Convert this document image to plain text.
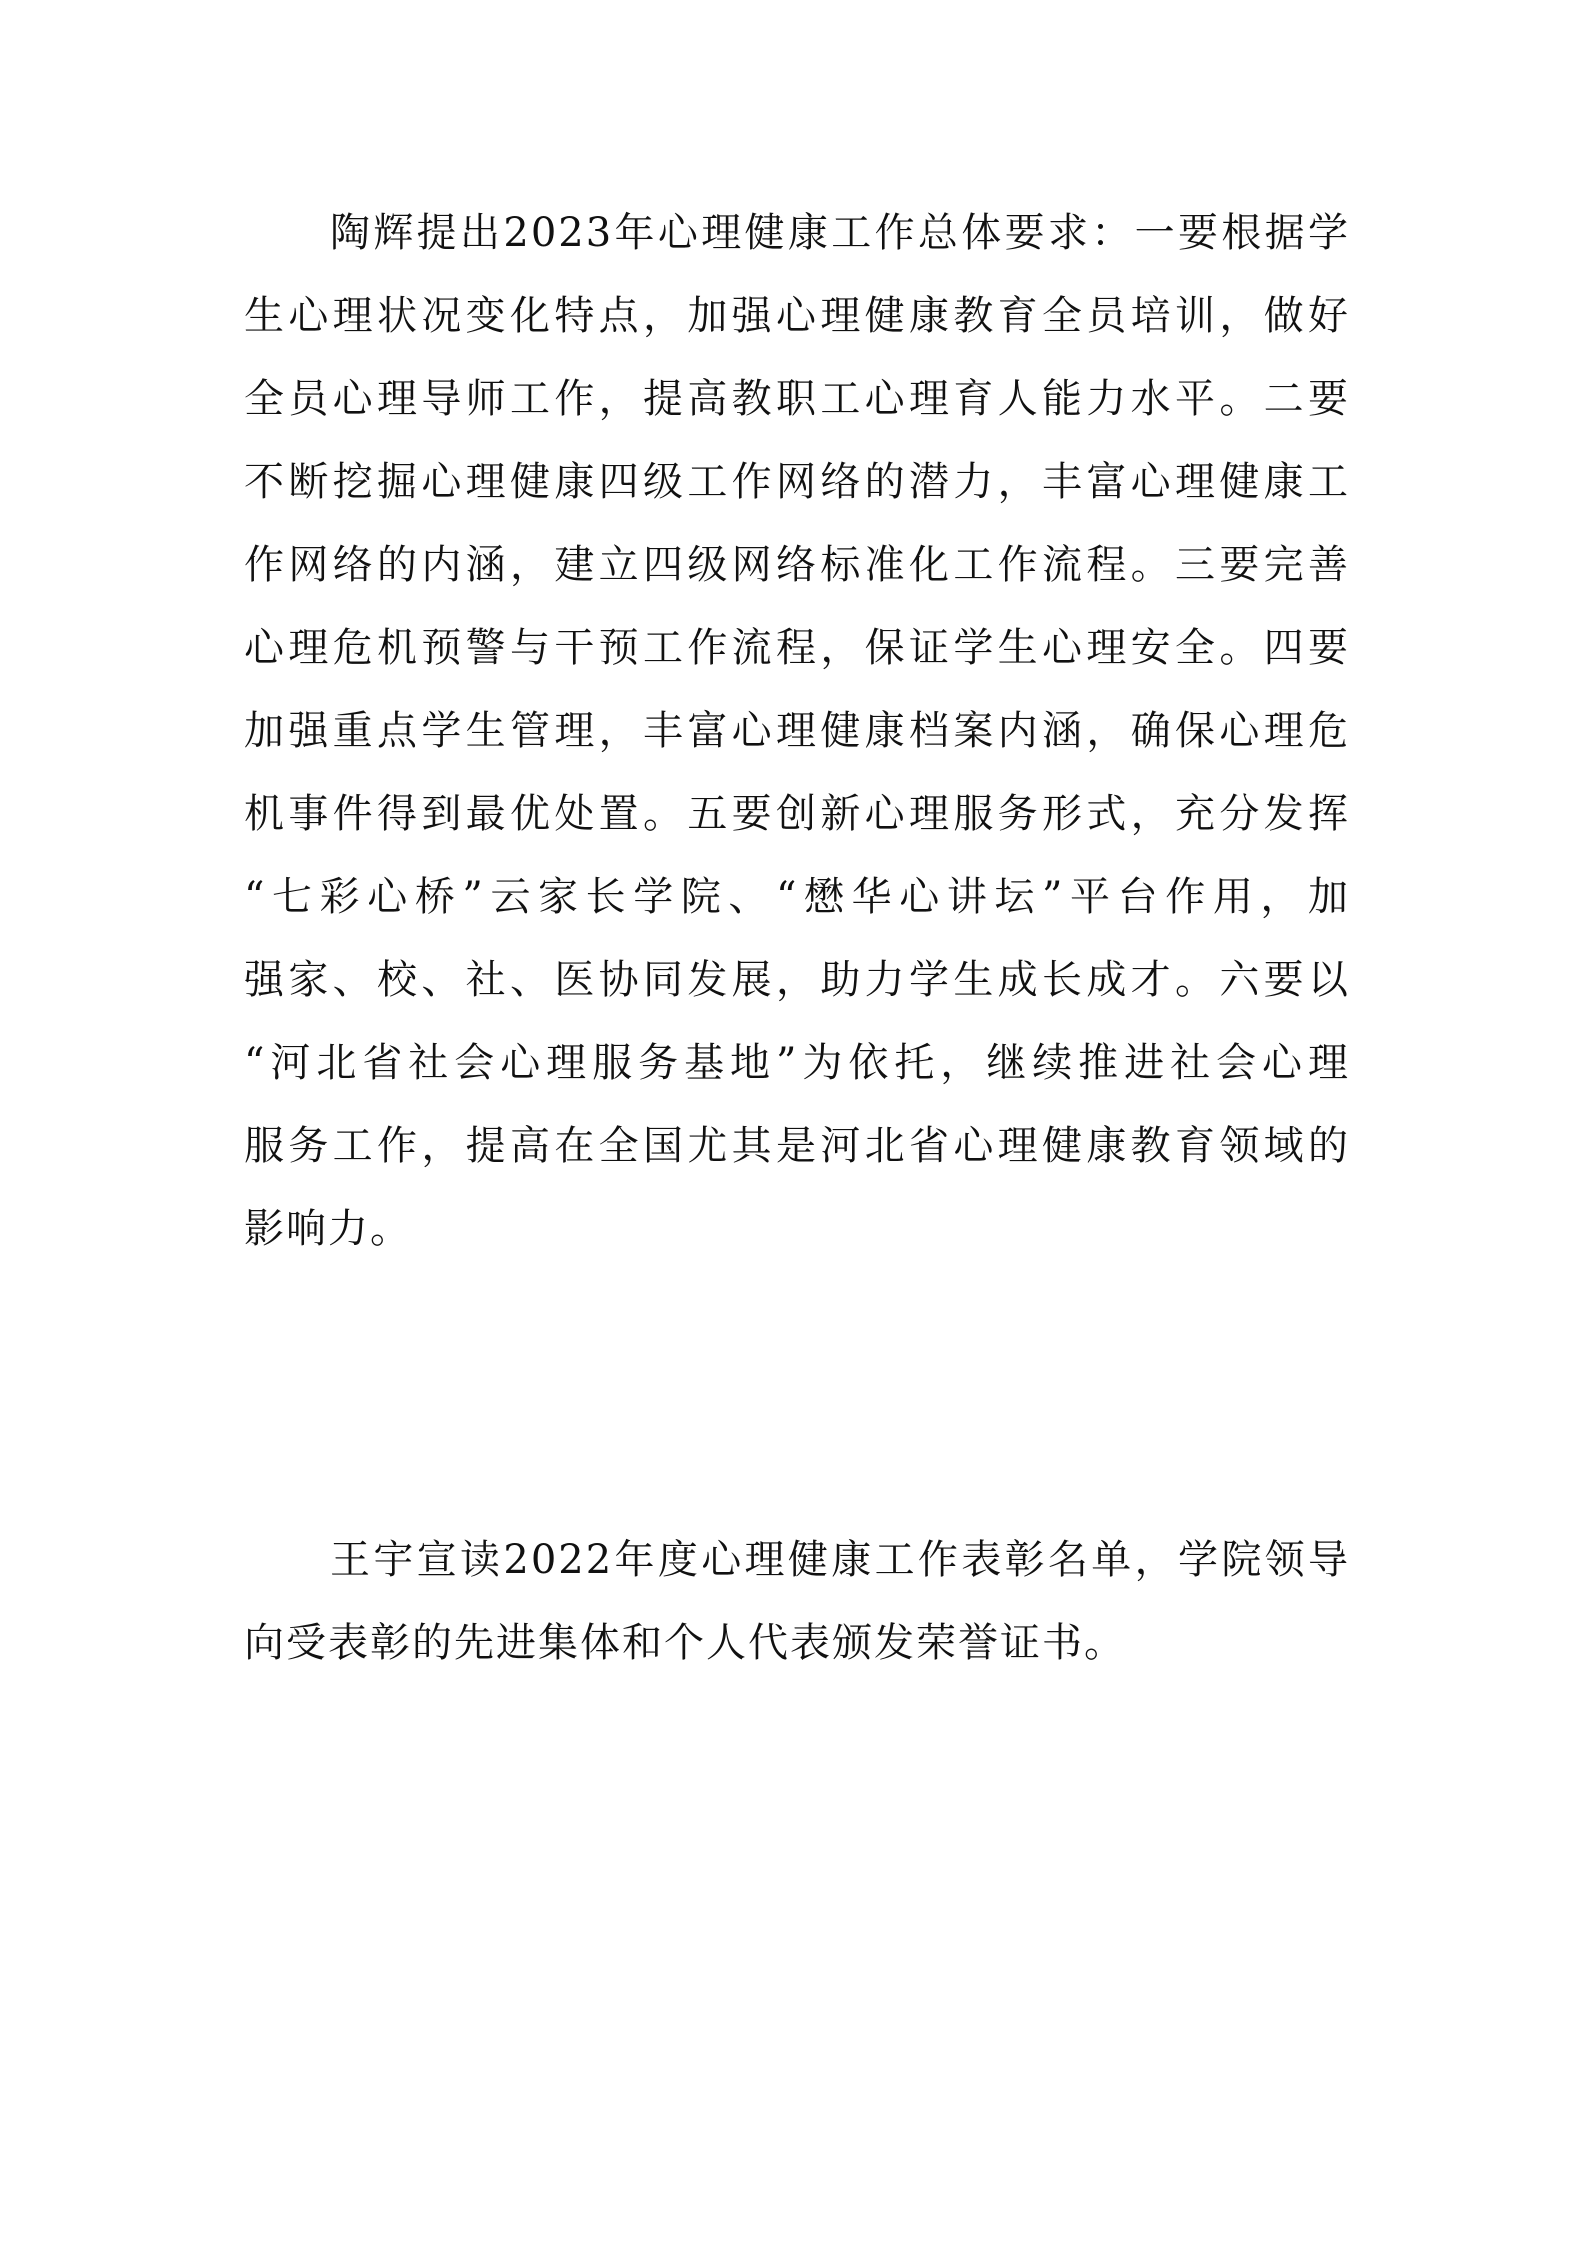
陶辉提出2023年心理健康工作总体要求：一要根据学
生心理状况变化特点，加强心理健康教育全员培训，做好
全员心理导师工作，提高教职工心理育人能力水平。二要
不断挖掘心理健康四级工作网络的潜力，丰富心理健康工
作网络的内涵，建立四级网络标准化工作流程。三要完善
心理危机预警与干预工作流程，保证学生心理安全。四要
加强重点学生管理，丰富心理健康档案内涵，确保心理危
机事件得到最优处置。五要创新心理服务形式，充分发挥
“七彩心桥”云家长学院、“懋华心讲坛”平台作用，加
强家、校、社、医协同发展，助力学生成长成才。六要以
“河北省社会心理服务基地”为依托，继续推进社会心理
服务工作，提高在全国尤其是河北省心理健康教育领域的
影响力。
王宇宣读2022年度心理健康工作表彰名单，学院领导
向受表彰的先进集体和个人代表颁发荣誉证书。
